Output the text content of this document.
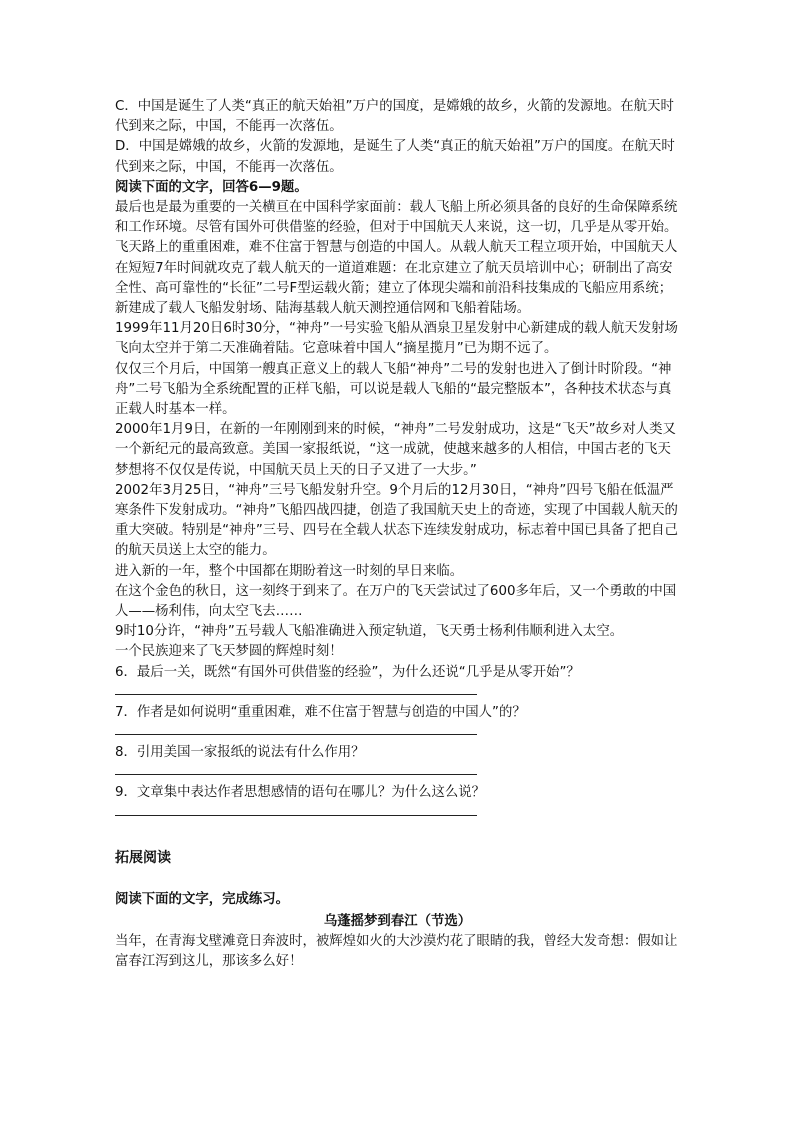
C．中国是诞生了人类“真正的航天始祖”万户的国度，是嫦娥的故乡，火箭的发源地。在航天时代到来之际，中国，不能再一次落伍。

D．中国是嫦娥的故乡，火箭的发源地，是诞生了人类“真正的航天始祖”万户的国度。在航天时代到来之际，中国，不能再一次落伍。

阅读下面的文字，回答6—9题。

最后也是最为重要的一关横亘在中国科学家面前：载人飞船上所必须具备的良好的生命保障系统和工作环境。尽管有国外可供借鉴的经验，但对于中国航天人来说，这一切，几乎是从零开始。

飞天路上的重重困难，难不住富于智慧与创造的中国人。从载人航天工程立项开始，中国航天人在短短7年时间就攻克了载人航天的一道道难题：在北京建立了航天员培训中心；研制出了高安全性、高可靠性的“长征”二号F型运载火箭；建立了体现尖端和前沿科技集成的飞船应用系统；新建成了载人飞船发射场、陆海基载人航天测控通信网和飞船着陆场。

1999年11月20日6时30分，“神舟”一号实验飞船从酒泉卫星发射中心新建成的载人航天发射场飞向太空并于第二天准确着陆。它意味着中国人“摘星揽月”已为期不远了。

仅仅三个月后，中国第一艘真正意义上的载人飞船“神舟”二号的发射也进入了倒计时阶段。“神舟”二号飞船为全系统配置的正样飞船，可以说是载人飞船的“最完整版本”，各种技术状态与真正载人时基本一样。

2000年1月9日，在新的一年刚刚到来的时候，“神舟”二号发射成功，这是“飞天”故乡对人类又一个新纪元的最高致意。美国一家报纸说，“这一成就，使越来越多的人相信，中国古老的飞天梦想将不仅仅是传说，中国航天员上天的日子又进了一大步。”

2002年3月25日，“神舟”三号飞船发射升空。9个月后的12月30日，“神舟”四号飞船在低温严寒条件下发射成功。“神舟”飞船四战四捷，创造了我国航天史上的奇迹，实现了中国载人航天的重大突破。特别是“神舟”三号、四号在全载人状态下连续发射成功，标志着中国已具备了把自己的航天员送上太空的能力。

进入新的一年，整个中国都在期盼着这一时刻的早日来临。

在这个金色的秋日，这一刻终于到来了。在万户的飞天尝试过了600多年后，又一个勇敢的中国人——杨利伟，向太空飞去……

9时10分许，“神舟”五号载人飞船准确进入预定轨道，飞天勇士杨利伟顺利进入太空。

一个民族迎来了飞天梦圆的辉煌时刻！

6．最后一关，既然“有国外可供借鉴的经验”，为什么还说“几乎是从零开始”？

7．作者是如何说明“重重困难，难不住富于智慧与创造的中国人”的？

8．引用美国一家报纸的说法有什么作用？

9．文章集中表达作者思想感情的语句在哪儿？为什么这么说？

拓展阅读

阅读下面的文字，完成练习。

乌蓬摇梦到春江（节选）

当年，在青海戈壁滩竟日奔波时，被辉煌如火的大沙漠灼花了眼睛的我，曾经大发奇想：假如让富春江泻到这儿，那该多么好！
